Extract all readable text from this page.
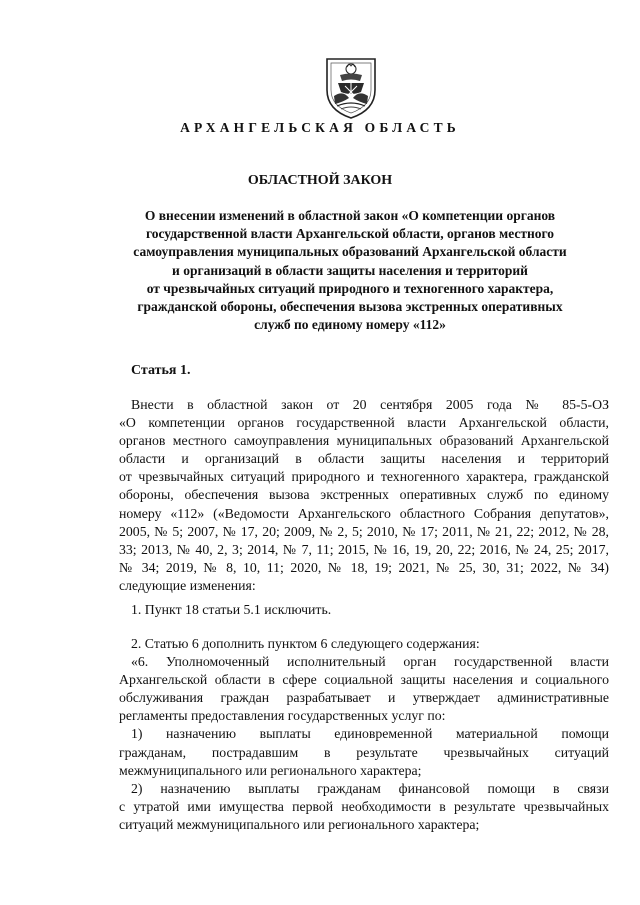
АРХАНГЕЛЬСКАЯ ОБЛАСТЬ
ОБЛАСТНОЙ ЗАКОН
О внесении изменений в областной закон «О компетенции органов
государственной власти Архангельской области, органов местного
самоуправления муниципальных образований Архангельской области
и организаций в области защиты населения и территорий
от чрезвычайных ситуаций природного и техногенного характера,
гражданской обороны, обеспечения вызова экстренных оперативных
служб по единому номеру «112»
Статья 1.
Внести в областной закон от 20 сентября 2005 года № 85-5-ОЗ
«О компетенции органов государственной власти Архангельской области,
органов местного самоуправления муниципальных образований Архангельской
области и организаций в области защиты населения и территорий
от чрезвычайных ситуаций природного и техногенного характера, гражданской
обороны, обеспечения вызова экстренных оперативных служб по единому
номеру «112» («Ведомости Архангельского областного Собрания депутатов»,
2005, № 5; 2007, № 17, 20; 2009, № 2, 5; 2010, № 17; 2011, № 21, 22; 2012, № 28,
33; 2013, № 40, 2, 3; 2014, № 7, 11; 2015, № 16, 19, 20, 22; 2016, № 24, 25; 2017,
№ 34; 2019, № 8, 10, 11; 2020, № 18, 19; 2021, № 25, 30, 31; 2022, № 34)
следующие изменения:
1. Пункт 18 статьи 5.1 исключить.
2. Статью 6 дополнить пунктом 6 следующего содержания:
«6. Уполномоченный исполнительный орган государственной власти
Архангельской области в сфере социальной защиты населения и социального
обслуживания граждан разрабатывает и утверждает административные
регламенты предоставления государственных услуг по:
1) назначению выплаты единовременной материальной помощи
гражданам, пострадавшим в результате чрезвычайных ситуаций
межмуниципального или регионального характера;
2) назначению выплаты гражданам финансовой помощи в связи
с утратой ими имущества первой необходимости в результате чрезвычайных
ситуаций межмуниципального или регионального характера;
